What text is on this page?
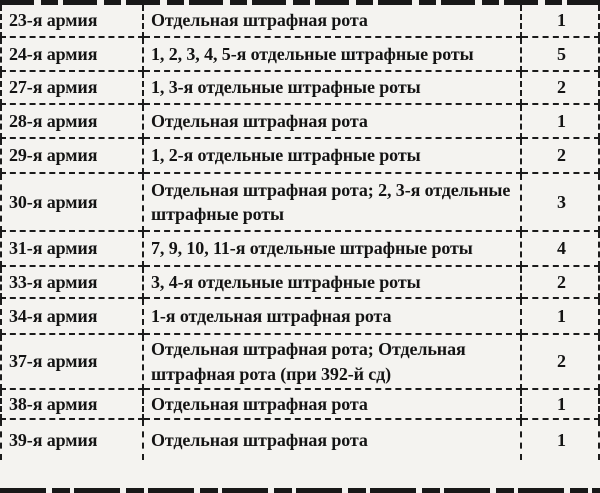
23-я армия	Отдельная штрафная рота	1
24-я армия	1, 2, 3, 4, 5-я отдельные штрафные роты	5
27-я армия	1, 3-я отдельные штрафные роты	2
28-я армия	Отдельная штрафная рота	1
29-я армия	1, 2-я отдельные штрафные роты	2
30-я армия	Отдельная штрафная рота; 2, 3-я отдельные штрафные роты	3
31-я армия	7, 9, 10, 11-я отдельные штрафные роты	4
33-я армия	3, 4-я отдельные штрафные роты	2
34-я армия	1-я отдельная штрафная рота	1
37-я армия	Отдельная штрафная рота; Отдельная штрафная рота (при 392-й сд)	2
38-я армия	Отдельная штрафная рота	1
39-я армия	Отдельная штрафная рота	1
